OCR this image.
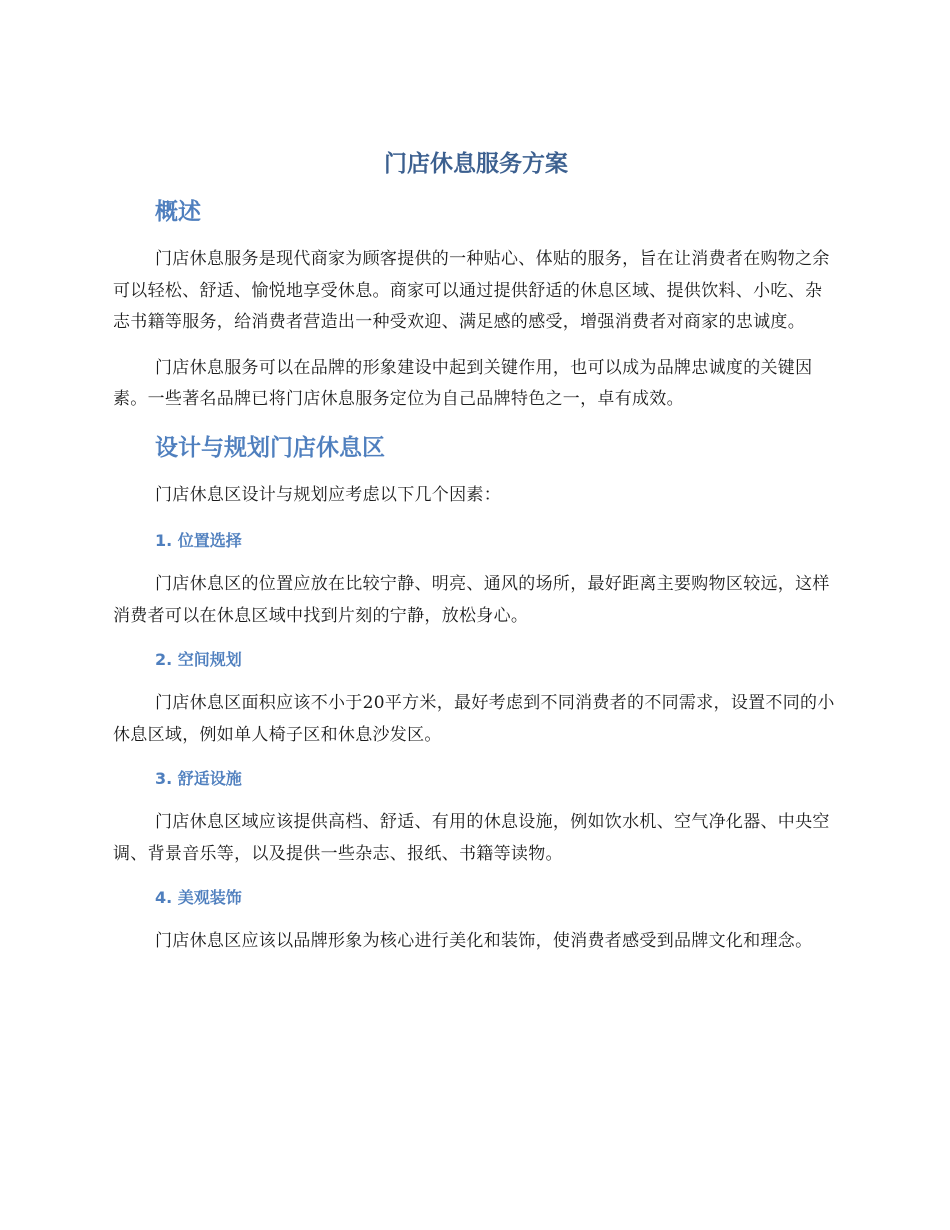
门店休息服务方案
概述

门店休息服务是现代商家为顾客提供的一种贴心、体贴的服务，旨在让消费者在购物之余可以轻松、舒适、愉悦地享受休息。商家可以通过提供舒适的休息区域、提供饮料、小吃、杂志书籍等服务，给消费者营造出一种受欢迎、满足感的感受，增强消费者对商家的忠诚度。

门店休息服务可以在品牌的形象建设中起到关键作用，也可以成为品牌忠诚度的关键因素。一些著名品牌已将门店休息服务定位为自己品牌特色之一，卓有成效。

设计与规划门店休息区

门店休息区设计与规划应考虑以下几个因素：

1. 位置选择

门店休息区的位置应放在比较宁静、明亮、通风的场所，最好距离主要购物区较远，这样消费者可以在休息区域中找到片刻的宁静，放松身心。

2. 空间规划

门店休息区面积应该不小于20平方米，最好考虑到不同消费者的不同需求，设置不同的小休息区域，例如单人椅子区和休息沙发区。

3. 舒适设施

门店休息区域应该提供高档、舒适、有用的休息设施，例如饮水机、空气净化器、中央空调、背景音乐等，以及提供一些杂志、报纸、书籍等读物。

4. 美观装饰

门店休息区应该以品牌形象为核心进行美化和装饰，使消费者感受到品牌文化和理念。
